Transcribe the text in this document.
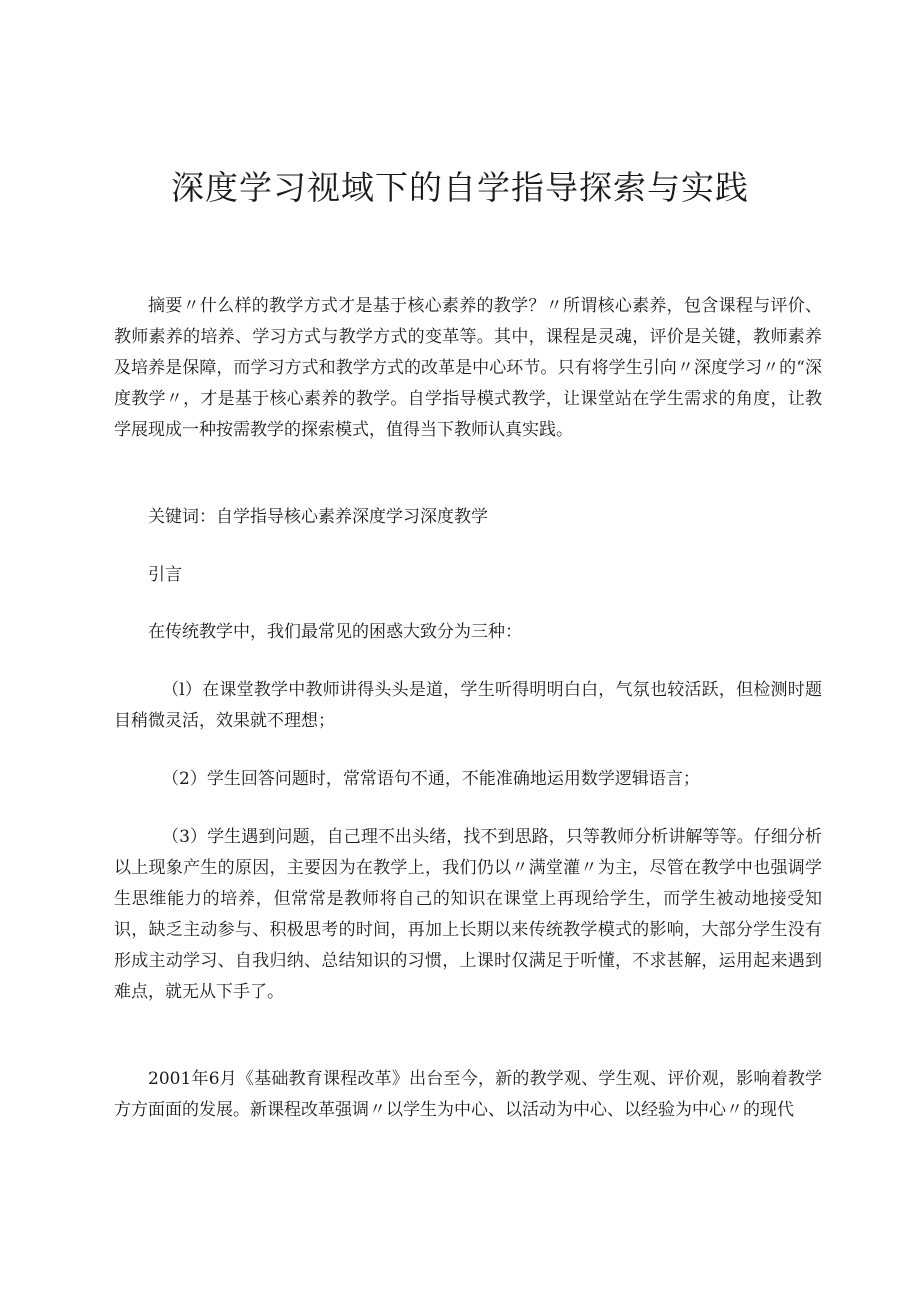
深度学习视域下的自学指导探索与实践

摘要〃什么样的教学方式才是基于核心素养的教学？〃所谓核心素养，包含课程与评价、教师素养的培养、学习方式与教学方式的变革等。其中，课程是灵魂，评价是关键，教师素养及培养是保障，而学习方式和教学方式的改革是中心环节。只有将学生引向〃深度学习〃的“深度教学〃，才是基于核心素养的教学。自学指导模式教学，让课堂站在学生需求的角度，让教学展现成一种按需教学的探索模式，值得当下教师认真实践。

关键词：自学指导核心素养深度学习深度教学

引言

在传统教学中，我们最常见的困惑大致分为三种：

（l）在课堂教学中教师讲得头头是道，学生听得明明白白，气氛也较活跃，但检测时题目稍微灵活，效果就不理想；

（2）学生回答问题时，常常语句不通，不能准确地运用数学逻辑语言；

（3）学生遇到问题，自己理不出头绪，找不到思路，只等教师分析讲解等等。仔细分析以上现象产生的原因，主要因为在教学上，我们仍以〃满堂灌〃为主，尽管在教学中也强调学生思维能力的培养，但常常是教师将自己的知识在课堂上再现给学生，而学生被动地接受知识，缺乏主动参与、积极思考的时间，再加上长期以来传统教学模式的影响，大部分学生没有形成主动学习、自我归纳、总结知识的习惯，上课时仅满足于听懂，不求甚解，运用起来遇到难点，就无从下手了。

2001年6月《基础教育课程改革》出台至今，新的教学观、学生观、评价观，影响着教学方方面面的发展。新课程改革强调〃以学生为中心、以活动为中心、以经验为中心〃的现代
